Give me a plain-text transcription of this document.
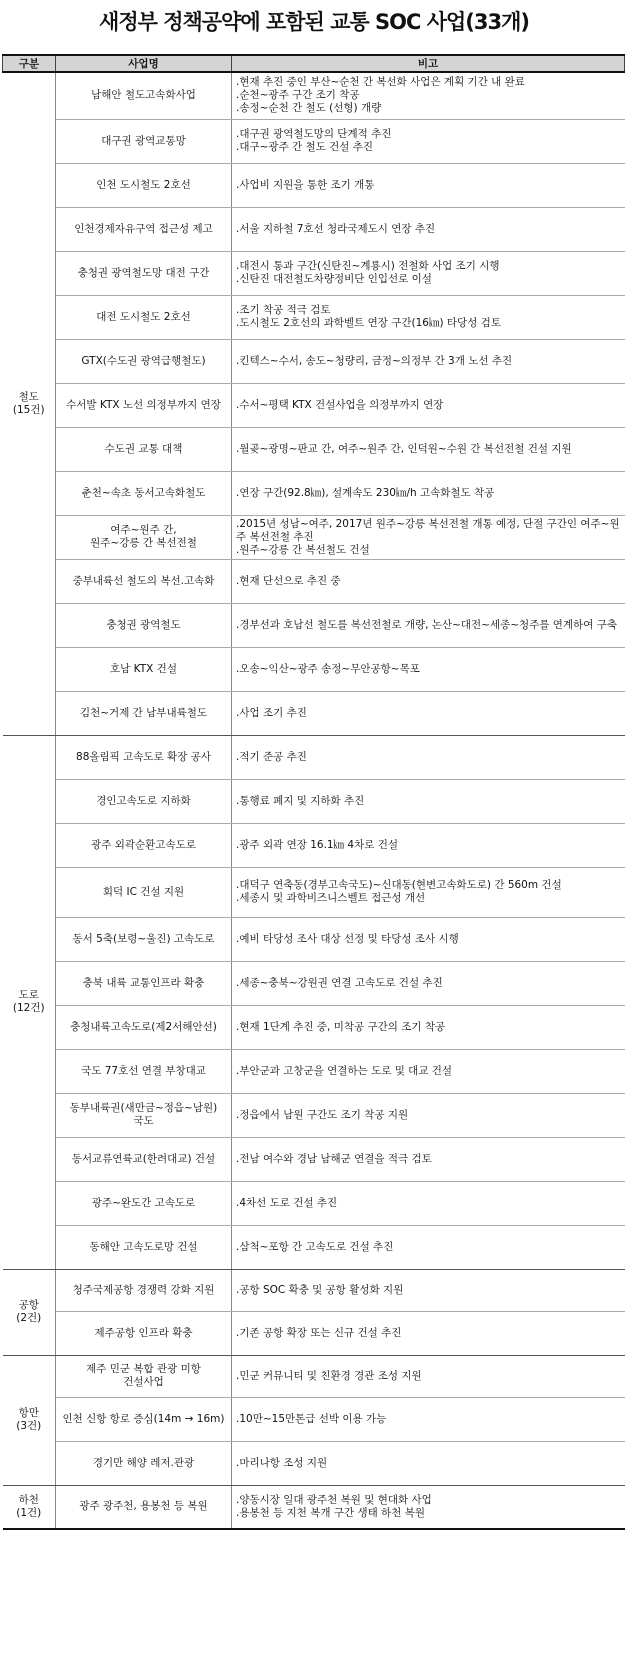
새정부 정책공약에 포함된 교통 SOC 사업(33개)
구분	사업명	비고
철도
(15건)	남해안 철도고속화사업	.현재 추진 중인 부산~순천 간 복선화 사업은 계획 기간 내 완료
.순천~광주 구간 조기 착공
.송정~순천 간 철도 (선형) 개량
	대구권 광역교통망	.대구권 광역철도망의 단계적 추진
.대구~광주 간 철도 건설 추진
	인천 도시철도 2호선	.사업비 지원을 통한 조기 개통
	인천경제자유구역 접근성 제고	.서울 지하철 7호선 청라국제도시 연장 추진
	충청권 광역철도망 대전 구간	.대전시 통과 구간(신탄진~계룡시) 전철화 사업 조기 시행
.신탄진 대전철도차량정비단 인입선로 이설
	대전 도시철도 2호선	.조기 착공 적극 검토
.도시철도 2호선의 과학벨트 연장 구간(16㎞) 타당성 검토
	GTX(수도권 광역급행철도)	.킨텍스~수서, 송도~청량리, 금정~의정부 간 3개 노선 추진
	수서발 KTX 노선 의정부까지 연장	.수서~평택 KTX 건설사업을 의정부까지 연장
	수도권 교통 대책	.월곶~광명~판교 간, 여주~원주 간, 인덕원~수원 간 복선전철 건설 지원
	춘천~속초 동서고속화철도	.연장 구간(92.8㎞), 설계속도 230㎞/h 고속화철도 착공
	여주~원주 간,
원주~강릉 간 복선전철	.2015년 성남~여주, 2017년 원주~강릉 복선전철 개통 예정, 단절 구간인 여주~원주 복선전철 추진
.원주~강릉 간 복선철도 건설
	중부내륙선 철도의 복선.고속화	.현재 단선으로 추진 중
	충청권 광역철도	.경부선과 호남선 철도를 복선전철로 개량, 논산~대전~세종~청주를 연계하여 구축
	호남 KTX 건설	.오송~익산~광주 송정~무안공항~목포
	김천~거제 간 남부내륙철도	.사업 조기 추진
도로
(12건)	88올림픽 고속도로 확장 공사	.적기 준공 추진
	경인고속도로 지하화	.통행료 폐지 및 지하화 추진
	광주 외곽순환고속도로	.광주 외곽 연장 16.1㎞ 4차로 건설
	회덕 IC 건설 지원	.대덕구 연축동(경부고속국도)~신대동(현변고속화도로) 간 560m 건설
.세종시 및 과학비즈니스벨트 접근성 개선
	동서 5축(보령~울진) 고속도로	.예비 타당성 조사 대상 선정 및 타당성 조사 시행
	충북 내륙 교통인프라 확충	.세종~충북~강원권 연결 고속도로 건설 추진
	충청내륙고속도로(제2서해안선)	.현재 1단계 추진 중, 미착공 구간의 조기 착공
	국도 77호선 연결 부창대교	.부안군과 고창군을 연결하는 도로 및 대교 건설
	동부내륙권(새만금~정읍~남원)
국도	.정읍에서 남원 구간도 조기 착공 지원
	동서교류연륙교(한려대교) 건설	.전남 여수와 경남 남해군 연결을 적극 검토
	광주~완도간 고속도로	.4차선 도로 건설 추진
	동해안 고속도로망 건설	.삼척~포항 간 고속도로 건설 추진
공항
(2건)	청주국제공항 경쟁력 강화 지원	.공항 SOC 확충 및 공항 활성화 지원
	제주공항 인프라 확충	.기존 공항 확장 또는 신규 건설 추진
항만
(3건)	제주 민군 복합 관광 미항
건설사업	.민군 커뮤니티 및 친환경 경관 조성 지원
	인천 신항 항로 증심(14m → 16m)	.10만~15만톤급 선박 이용 가능
	경기만 해양 레저.관광	.마리나항 조성 지원
하천
(1건)	광주 광주천, 용봉천 등 복원	.양동시장 일대 광주천 복원 및 현대화 사업
.용봉천 등 지천 복개 구간 생태 하천 복원
